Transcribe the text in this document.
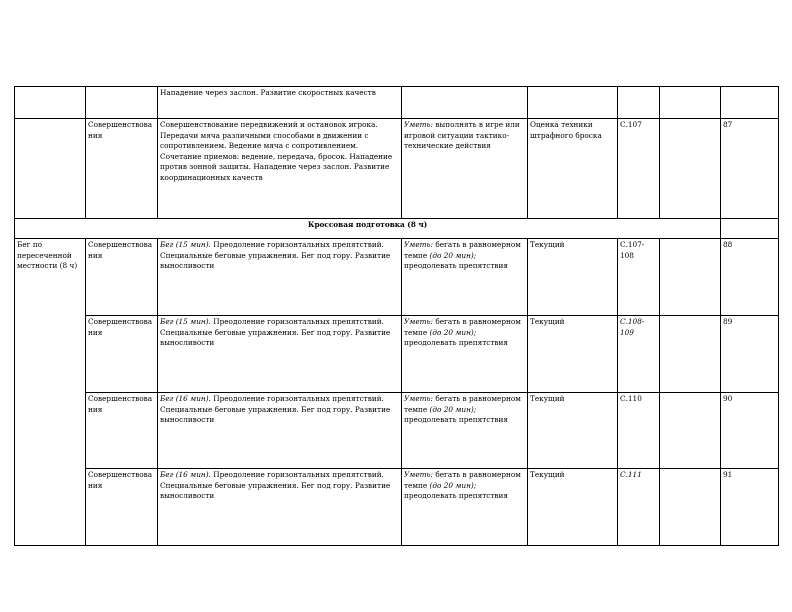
		Нападение через заслон. Развитие скоростных качеств					
	Совершенствования	Совершенствование передвижений и остановок игрока. Передачи мяча различными способами в движении с сопротивлением. Ведение мяча с сопротивлением. Сочетание приемов: ведение, передача, бросок. Нападение против зонной защиты. Нападение через заслон. Развитие координационных качеств	Уметь: выполнять в игре или игровой ситуации тактико-технические действия	Оценка техники штрафного броска	С.107		87
Кроссовая подготовка (8 ч)							
Бег по пересеченной местности (8 ч)	Совершенствования	Бег (15 мин). Преодоление горизонтальных препятствий. Специальные беговые упражнения. Бег под гору. Развитие выносливости	Уметь: бегать в равномерном темпе (до 20 мин); преодолевать препятствия	Текущий	С.107-108		88
	Совершенствования	Бег (15 мин). Преодоление горизонтальных препятствий. Специальные беговые упражнения. Бег под гору. Развитие выносливости	Уметь: бегать в равномерном темпе (до 20 мин); преодолевать препятствия	Текущий	С.108-109		89
	Совершенствования	Бег (16 мин). Преодоление горизонтальных препятствий. Специальные беговые упражнения. Бег под гору. Развитие выносливости	Уметь: бегать в равномерном темпе (до 20 мин); преодолевать препятствия	Текущий	С.110		90
	Совершенствования	Бег (16 мин). Преодоление горизонтальных препятствий. Специальные беговые упражнения. Бег под гору. Развитие выносливости	Уметь: бегать в равномерном темпе (до 20 мин); преодолевать препятствия	Текущий	С.111		91
